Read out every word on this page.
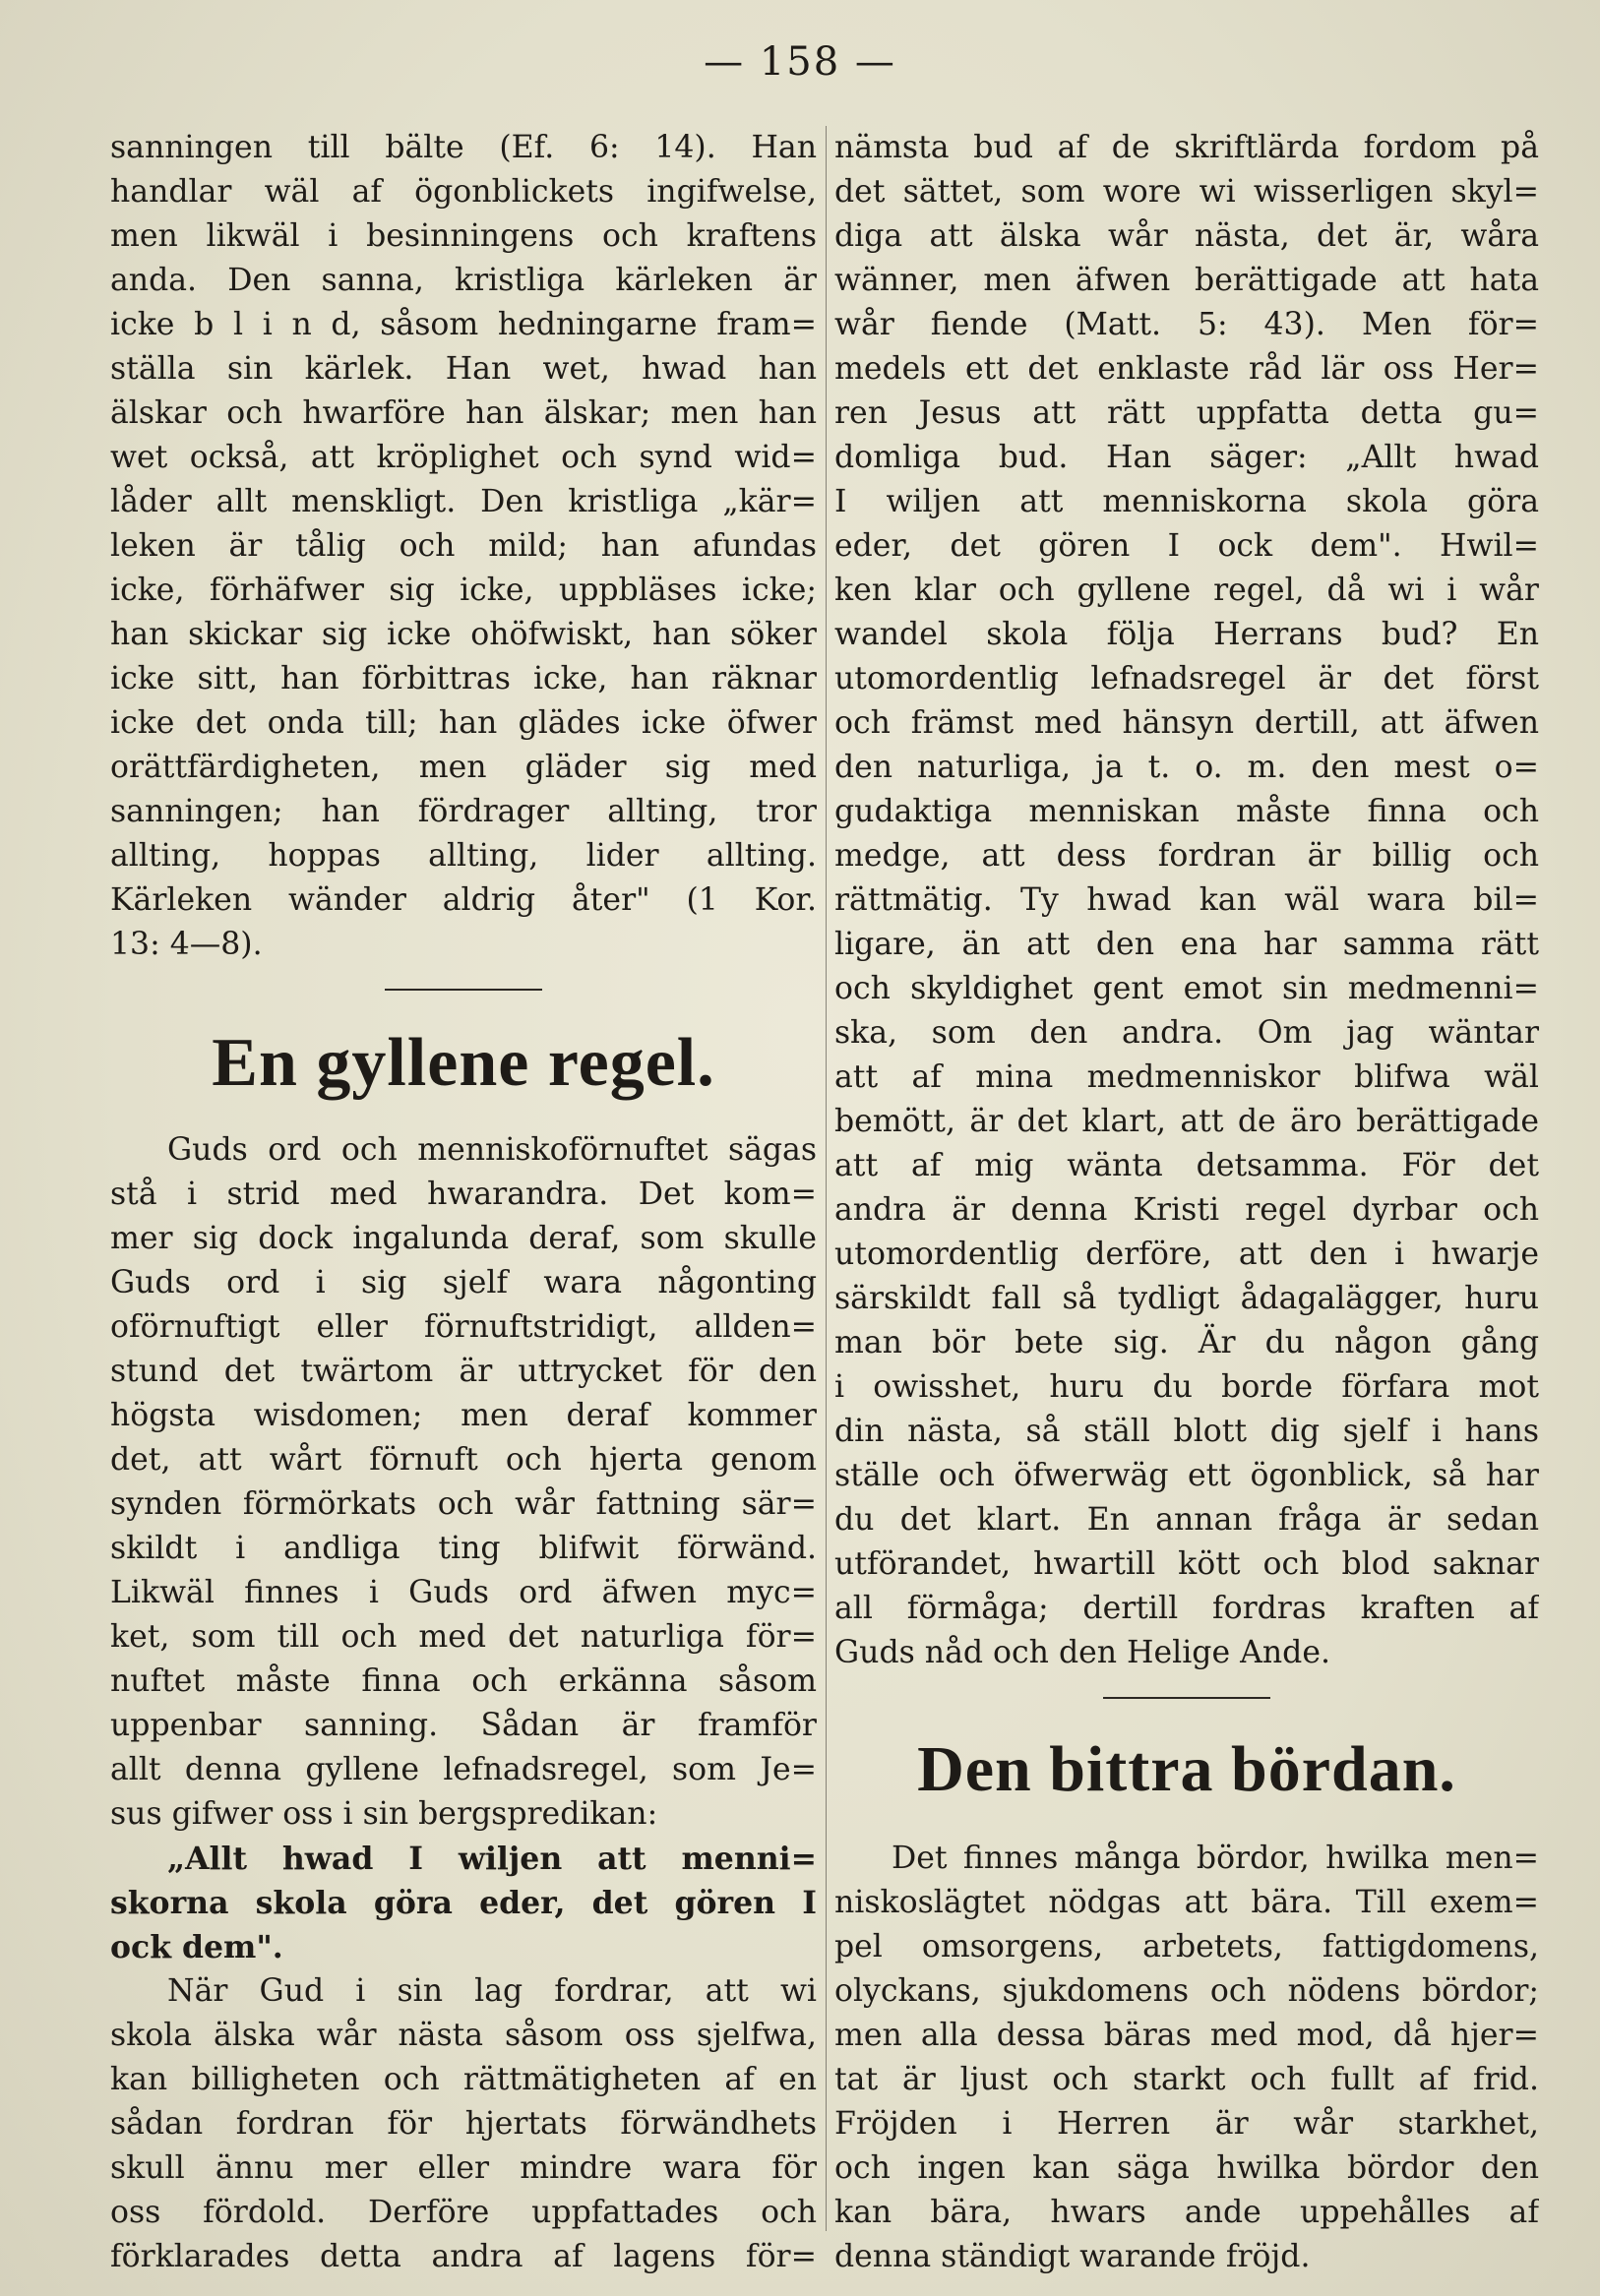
— 158 —
sanningen till bälte (Ef. 6: 14). Han
handlar wäl af ögonblickets ingifwelse,
men likwäl i besinningens och kraftens
anda. Den sanna, kristliga kärleken är
icke b l i n d, såsom hedningarne fram=
ställa sin kärlek. Han wet, hwad han
älskar och hwarföre han älskar; men han
wet också, att kröplighet och synd wid=
låder allt menskligt. Den kristliga „kär=
leken är tålig och mild; han afundas
icke, förhäfwer sig icke, uppbläses icke;
han skickar sig icke ohöfwiskt, han söker
icke sitt, han förbittras icke, han räknar
icke det onda till; han glädes icke öfwer
orättfärdigheten, men gläder sig med
sanningen; han fördrager allting, tror
allting, hoppas allting, lider allting.
Kärleken wänder aldrig åter" (1 Kor.
13: 4—8).
En gyllene regel.
Guds ord och menniskoförnuftet sägas
stå i strid med hwarandra. Det kom=
mer sig dock ingalunda deraf, som skulle
Guds ord i sig sjelf wara någonting
oförnuftigt eller förnuftstridigt, allden=
stund det twärtom är uttrycket för den
högsta wisdomen; men deraf kommer
det, att wårt förnuft och hjerta genom
synden förmörkats och wår fattning sär=
skildt i andliga ting blifwit förwänd.
Likwäl finnes i Guds ord äfwen myc=
ket, som till och med det naturliga för=
nuftet måste finna och erkänna såsom
uppenbar sanning. Sådan är framför
allt denna gyllene lefnadsregel, som Je=
sus gifwer oss i sin bergspredikan:
„Allt hwad I wiljen att menni=
skorna skola göra eder, det gören I
ock dem".
När Gud i sin lag fordrar, att wi
skola älska wår nästa såsom oss sjelfwa,
kan billigheten och rättmätigheten af en
sådan fordran för hjertats förwändhets
skull ännu mer eller mindre wara för
oss fördold. Derföre uppfattades och
förklarades detta andra af lagens för=
nämsta bud af de skriftlärda fordom på
det sättet, som wore wi wisserligen skyl=
diga att älska wår nästa, det är, wåra
wänner, men äfwen berättigade att hata
wår fiende (Matt. 5: 43). Men för=
medels ett det enklaste råd lär oss Her=
ren Jesus att rätt uppfatta detta gu=
domliga bud. Han säger: „Allt hwad
I wiljen att menniskorna skola göra
eder, det gören I ock dem". Hwil=
ken klar och gyllene regel, då wi i wår
wandel skola följa Herrans bud? En
utomordentlig lefnadsregel är det först
och främst med hänsyn dertill, att äfwen
den naturliga, ja t. o. m. den mest o=
gudaktiga menniskan måste finna och
medge, att dess fordran är billig och
rättmätig. Ty hwad kan wäl wara bil=
ligare, än att den ena har samma rätt
och skyldighet gent emot sin medmenni=
ska, som den andra. Om jag wäntar
att af mina medmenniskor blifwa wäl
bemött, är det klart, att de äro berättigade
att af mig wänta detsamma. För det
andra är denna Kristi regel dyrbar och
utomordentlig derföre, att den i hwarje
särskildt fall så tydligt ådagalägger, huru
man bör bete sig. Är du någon gång
i owisshet, huru du borde förfara mot
din nästa, så ställ blott dig sjelf i hans
ställe och öfwerwäg ett ögonblick, så har
du det klart. En annan fråga är sedan
utförandet, hwartill kött och blod saknar
all förmåga; dertill fordras kraften af
Guds nåd och den Helige Ande.
Den bittra bördan.
Det finnes många bördor, hwilka men=
niskoslägtet nödgas att bära. Till exem=
pel omsorgens, arbetets, fattigdomens,
olyckans, sjukdomens och nödens bördor;
men alla dessa bäras med mod, då hjer=
tat är ljust och starkt och fullt af frid.
Fröjden i Herren är wår starkhet,
och ingen kan säga hwilka bördor den
kan bära, hwars ande uppehålles af
denna ständigt warande fröjd.
